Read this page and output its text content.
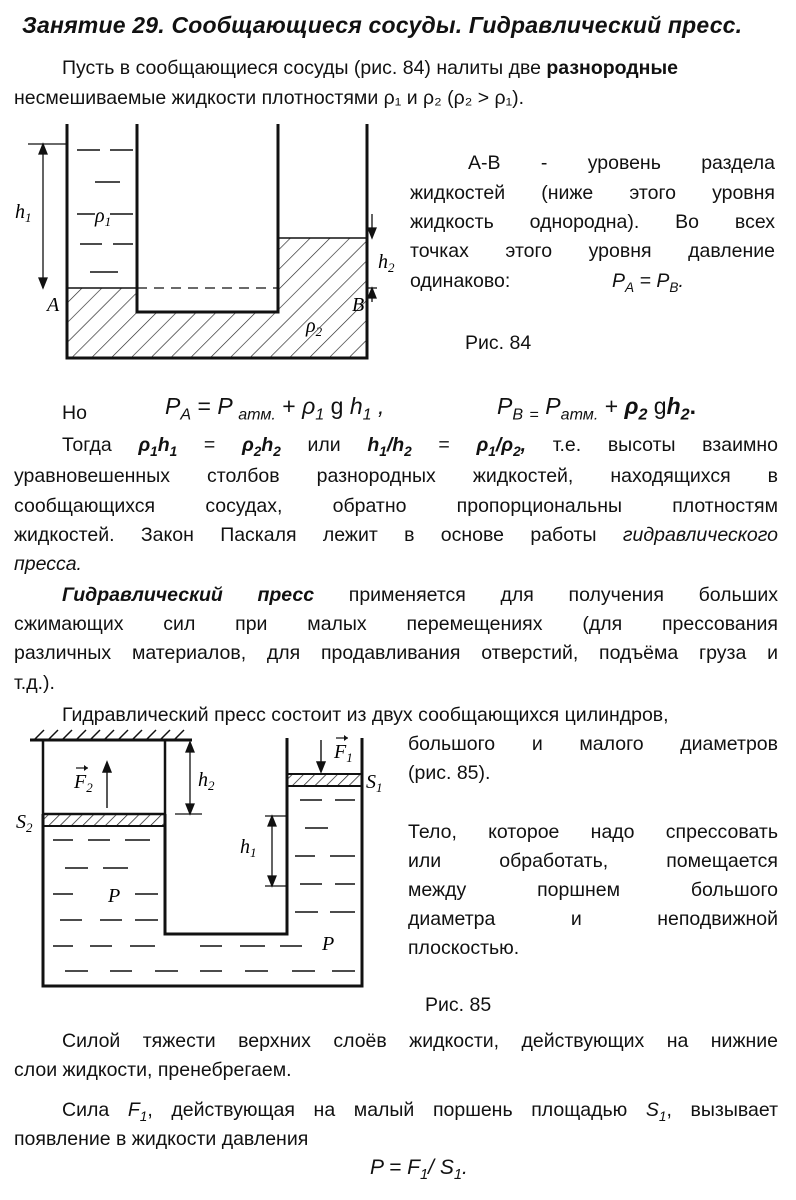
Занятие 29. Сообщающиеся сосуды. Гидравлический пресс.
Пусть в сообщающиеся сосуды (рис. 84) налиты две разнородные
несмешиваемые жидкости плотностями ρ₁ и ρ₂ (ρ₂ > ρ₁).
$h_1$	$\rho_1$
$h_2$
A	B
$\rho_2$
A-B - уровень раздела
жидкостей (ниже этого уровня
жидкость однородна). Во всех
точках этого уровня давление
одинаково:	$P_A = P_B$.
Рис. 84
Но	$P_A = P$ $_{атм.} + \rho_1$ g $h_1$ ,	$P_B$ $_=$ $P_{атм.} + \rho_2$ $gh_2$.
Тогда $\rho_1h_1 = \rho_2h_2$ или $h_1/h_2 = \rho_1/\rho_2$, т.е. высоты взаимно
уравновешенных столбов разнородных жидкостей, находящихся в
сообщающихся сосудах, обратно пропорциональны плотностям
жидкостей. Закон Паскаля лежит в основе работы гидравлического
пресса.
Гидравлический пресс применяется для получения больших
сжимающих сил при малых перемещениях (для прессования
различных материалов, для продавливания отверстий, подъёма груза и
т.д.).
Гидравлический пресс состоит из двух сообщающихся цилиндров,
$F_2$	$h_2$
$F_1$
$S_1$
$S_2$
$h_1$
P
P
большого и малого диаметров
(рис. 85).
Тело, которое надо спрессовать
или обработать, помещается
между поршнем большого
диаметра и неподвижной
плоскостью.
Рис. 85
Силой тяжести верхних слоёв жидкости, действующих на нижние
слои жидкости, пренебрегаем.
Сила $F_1$, действующая на малый поршень площадью $S_1$, вызывает
появление в жидкости давления
$P = F_1/$ $S_1$.
